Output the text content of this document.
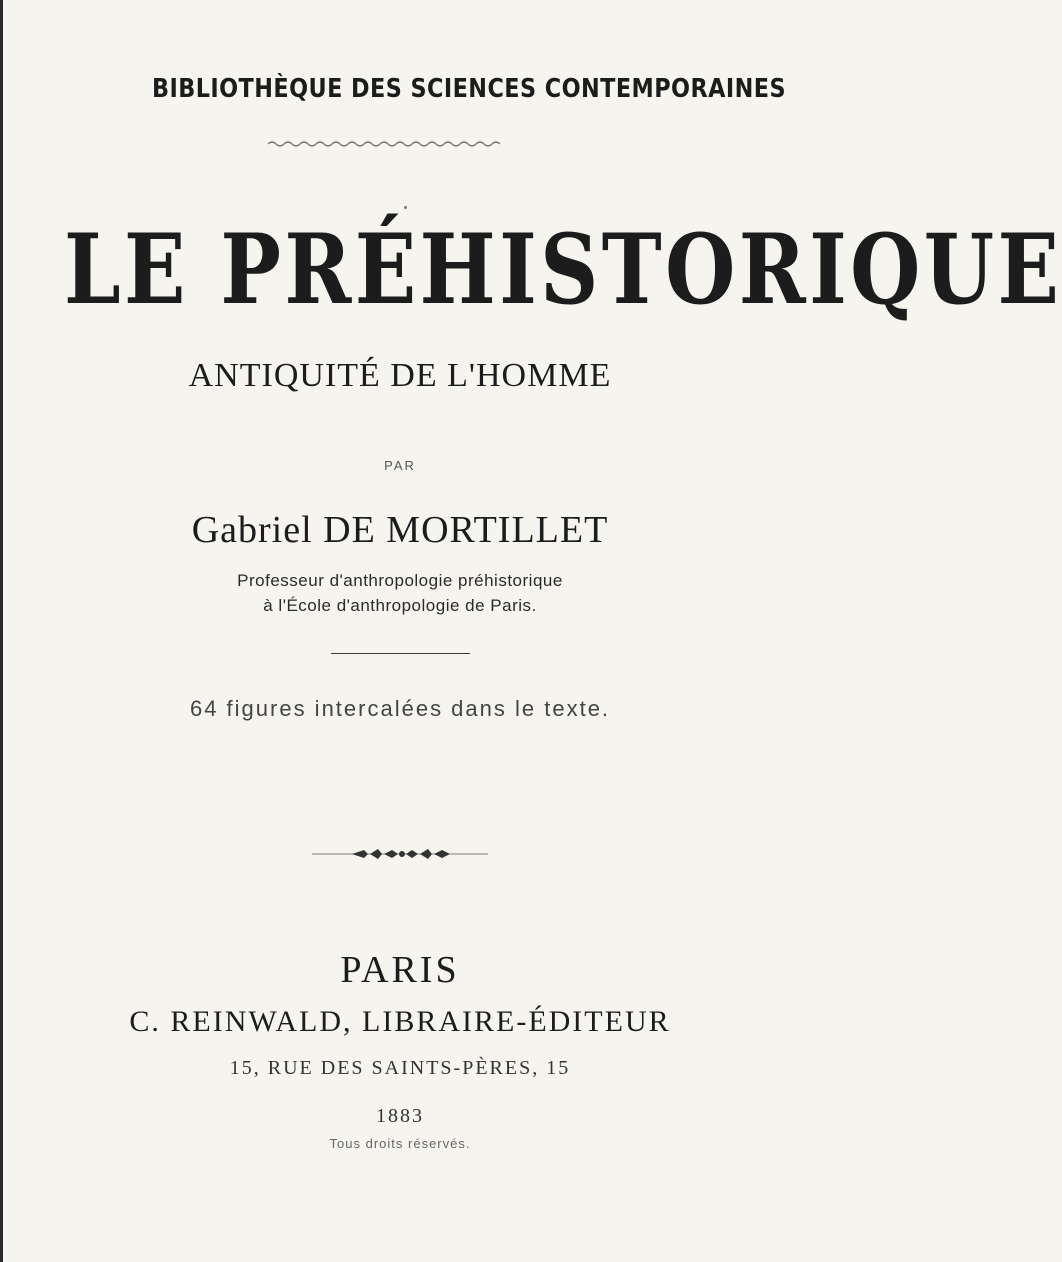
BIBLIOTHÈQUE DES SCIENCES CONTEMPORAINES
LE PRÉHISTORIQUE
ANTIQUITÉ DE L'HOMME
PAR
Gabriel DE MORTILLET
Professeur d'anthropologie préhistorique
à l'École d'anthropologie de Paris.
64 figures intercalées dans le texte.
PARIS
C. REINWALD, LIBRAIRE-ÉDITEUR
15, RUE DES SAINTS-PÈRES, 15
1883
Tous droits réservés.
